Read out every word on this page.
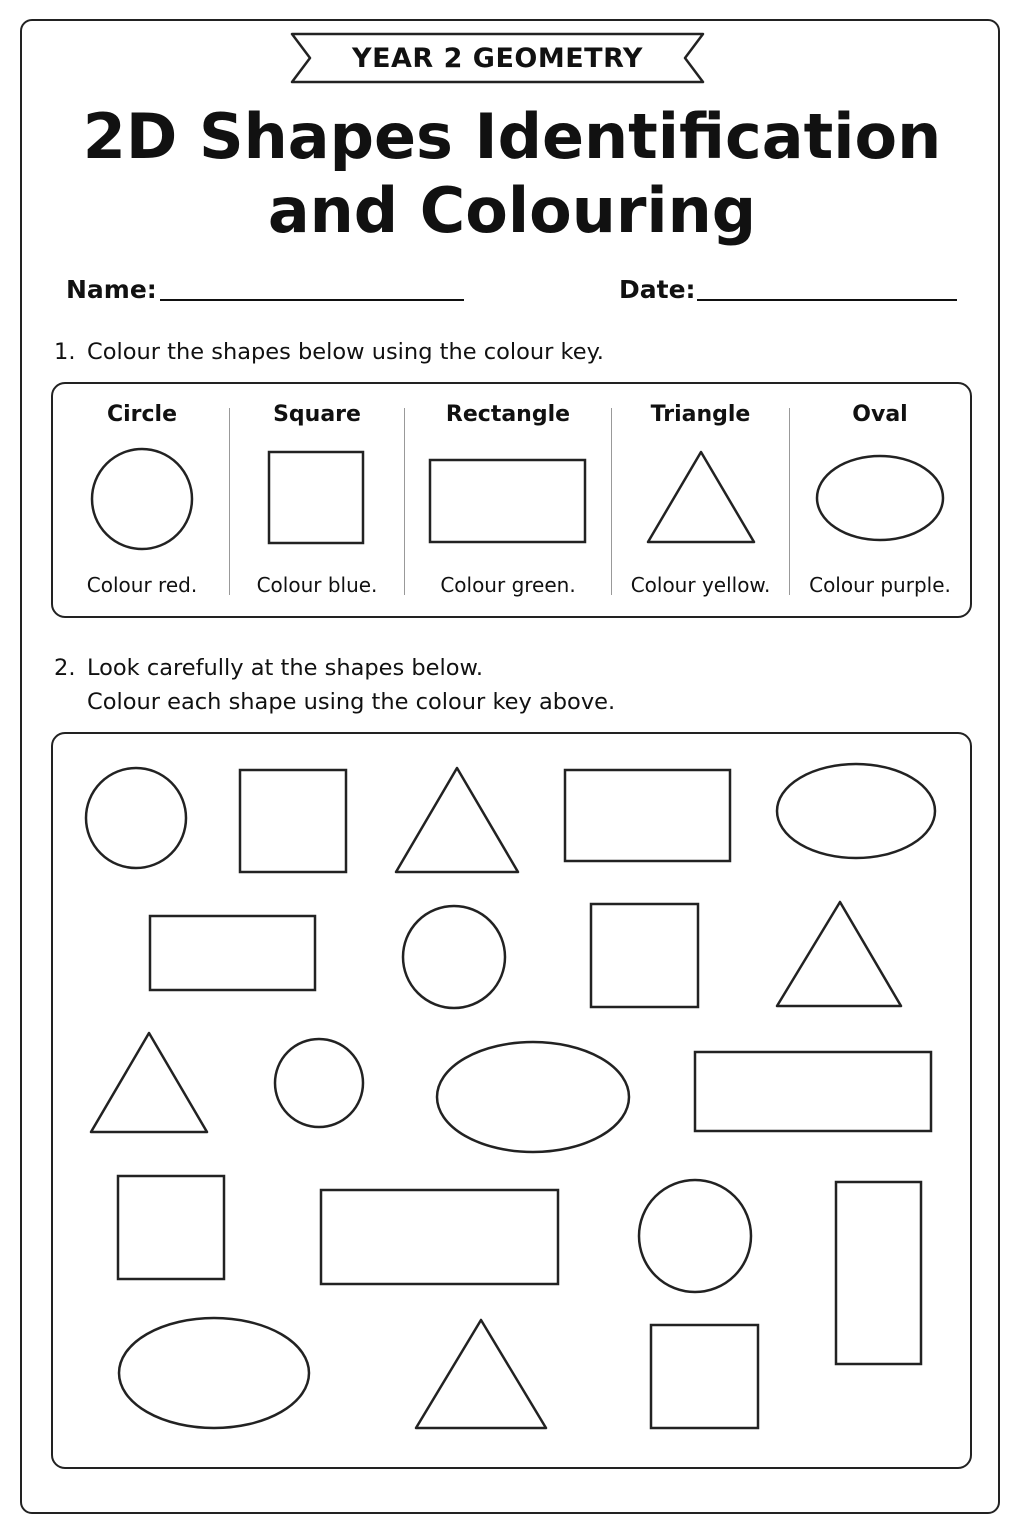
YEAR 2 GEOMETRY
2D Shapes Identification
and Colouring
Name:	Date:
1. Colour the shapes below using the colour key.
Circle
Colour red.
Square
Colour blue.
Rectangle
Colour green.
Triangle
Colour yellow.
Oval
Colour purple.
2. Look carefully at the shapes below.
Colour each shape using the colour key above.
